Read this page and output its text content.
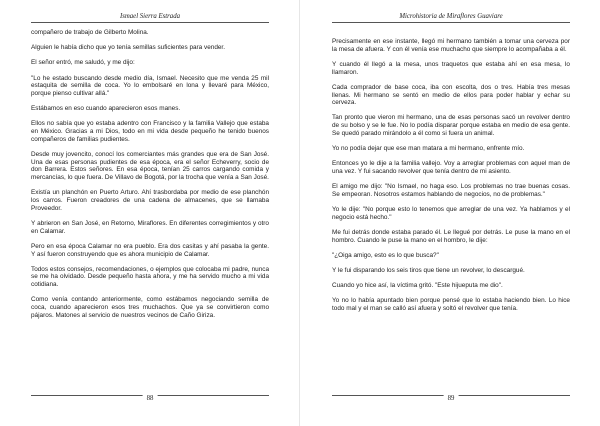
Ismael Sierra Estrada

compañero de trabajo de Gilberto Molina.

Alguien le había dicho que yo tenía semillas suficientes para vender.

El señor entró, me saludó, y me dijo:

"Lo he estado buscando desde medio día, Ismael. Necesito que me venda 25 mil estaquita de semilla de coca. Yo lo embolsaré en lona y llevaré para México, porque pienso cultivar allá."

Estábamos en eso cuando aparecieron esos manes.

Ellos no sabía que yo estaba adentro con Francisco y la familia Vallejo que estaba en México. Gracias a mi Dios, todo en mi vida desde pequeño he tenido buenos compañeros de familias pudientes.

Desde muy jovencito, conocí los comerciantes más grandes que era de San José. Una de esas personas pudientes de esa época, era el señor Echeverry, socio de don Barrera. Estos señores. En esa época, tenían 25 carros cargando comida y mercancías, lo que fuera. De Villavo de Bogotá, por la trocha que venía a San José.

Existía un planchón en Puerto Arturo. Ahí trasbordaba por medio de ese planchón los carros. Fueron creadores de una cadena de almacenes, que se llamaba Proveedor.

Y abrieron en San José, en Retorno, Miraflores. En diferentes corregimientos y otro en Calamar.

Pero en esa época Calamar no era pueblo. Era dos casitas y ahí pasaba la gente. Y así fueron construyendo que es ahora municipio de Calamar.

Todos estos consejos, recomendaciones, o ejemplos que colocaba mi padre, nunca se me ha olvidado. Desde pequeño hasta ahora, y me ha servido mucho a mi vida cotidiana.

Como venía contando anteriormente, como estábamos negociando semilla de coca, cuando aparecieron esos tres muchachos. Que ya se convirtieron como pájaros. Matones al servicio de nuestros vecinos de Caño Giriza.

88
Microhistoria de Miraflores Guaviare

Precisamente en ese instante, llegó mi hermano también a tomar una cerveza por la mesa de afuera. Y con él venía ese muchacho que siempre lo acompañaba a él.

Y cuando él llegó a la mesa, unos traquetos que estaba ahí en esa mesa, lo llamaron.

Cada comprador de base coca, iba con escolta, dos o tres. Había tres mesas llenas. Mi hermano se sentó en medio de ellos para poder hablar y echar su cerveza.

Tan pronto que vieron mi hermano, una de esas personas sacó un revolver dentro de su bolso y se le fue. No lo podía disparar porque estaba en medio de esa gente. Se quedó parado mirándolo a él como si fuera un animal.

Yo no podía dejar que ese man matara a mi hermano, enfrente mío.

Entonces yo le dije a la familia vallejo. Voy a arreglar problemas con aquel man de una vez. Y fui sacando revolver que tenía dentro de mi asiento.

El amigo me dijo: "No Ismael, no haga eso. Los problemas no trae buenas cosas. Se empeoran. Nosotros estamos hablando de negocios, no de problemas."

Yo le dije: "No porque esto lo tenemos que arreglar de una vez. Ya hablamos y el negocio está hecho."

Me fui detrás donde estaba parado él. Le llegué por detrás. Le puse la mano en el hombro. Cuando le puse la mano en el hombro, le dije:

"¿Oiga amigo, esto es lo que busca?"

Y le fui disparando los seis tiros que tiene un revolver, lo descargué.

Cuando yo hice así, la víctima gritó. "Este hijueputa me dio".

Yo no lo había apuntado bien porque pensé que lo estaba haciendo bien. Lo hice todo mal y el man se calló así afuera y soltó el revolver que tenía.

89
